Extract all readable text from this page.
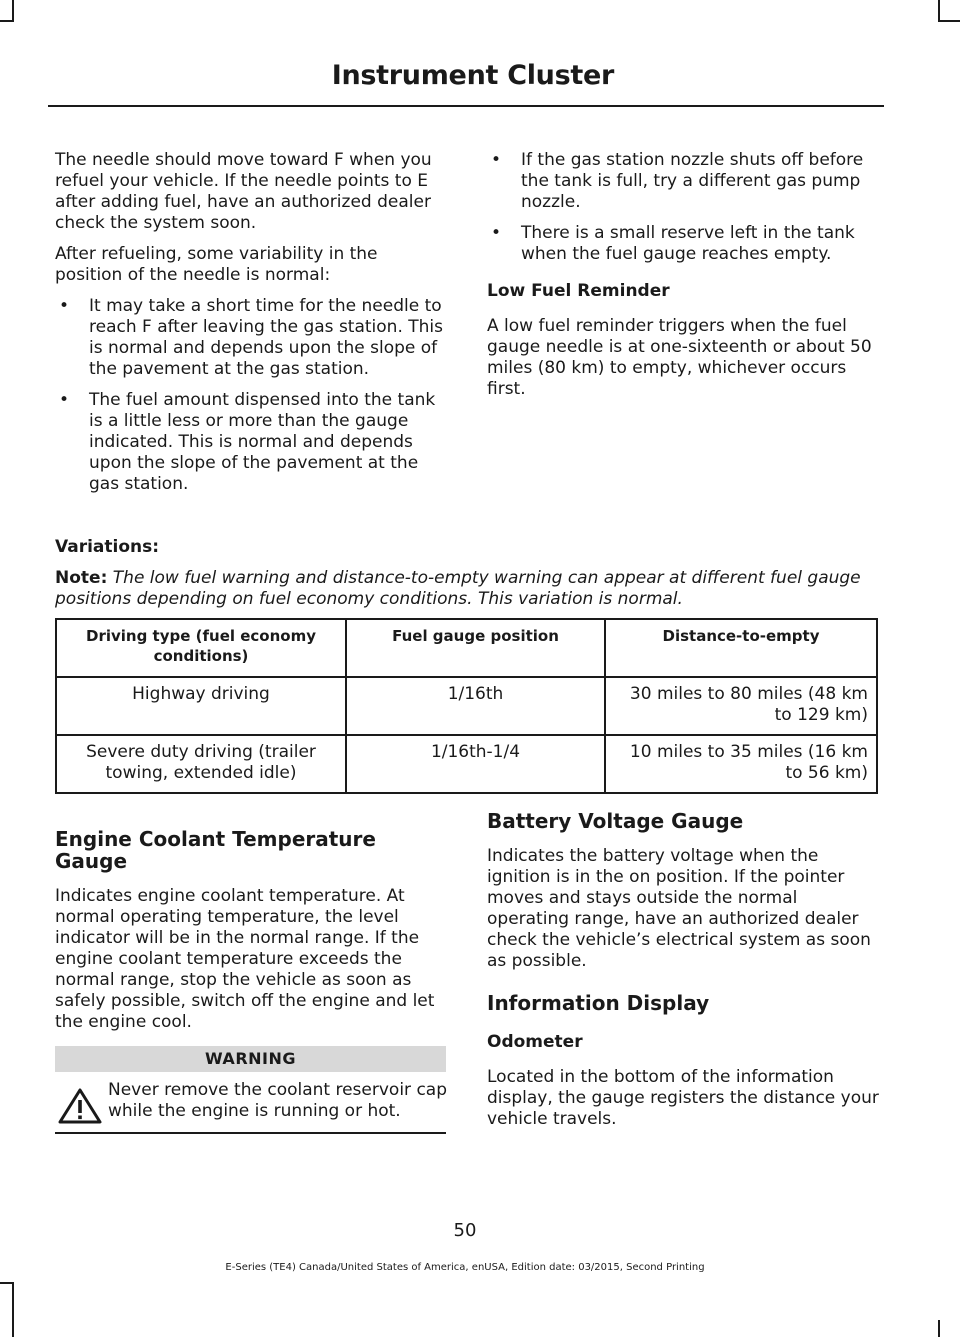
Instrument Cluster

The needle should move toward F when you refuel your vehicle. If the needle points to E after adding fuel, have an authorized dealer check the system soon.

After refueling, some variability in the position of the needle is normal:

• It may take a short time for the needle to reach F after leaving the gas station. This is normal and depends upon the slope of the pavement at the gas station.
• The fuel amount dispensed into the tank is a little less or more than the gauge indicated. This is normal and depends upon the slope of the pavement at the gas station.
• If the gas station nozzle shuts off before the tank is full, try a different gas pump nozzle.
• There is a small reserve left in the tank when the fuel gauge reaches empty.
Low Fuel Reminder

A low fuel reminder triggers when the fuel gauge needle is at one-sixteenth or about 50 miles (80 km) to empty, whichever occurs first.

Variations:
Note: The low fuel warning and distance-to-empty warning can appear at different fuel gauge positions depending on fuel economy conditions. This variation is normal.
Driving type (fuel economy conditions)	Fuel gauge position	Distance-to-empty
Highway driving	1/16th	30 miles to 80 miles (48 km to 129 km)
Severe duty driving (trailer towing, extended idle)	1/16th-1/4	10 miles to 35 miles (16 km to 56 km)
Engine Coolant Temperature Gauge

Indicates engine coolant temperature. At normal operating temperature, the level indicator will be in the normal range. If the engine coolant temperature exceeds the normal range, stop the vehicle as soon as safely possible, switch off the engine and let the engine cool.

WARNING
Never remove the coolant reservoir cap while the engine is running or hot.
Battery Voltage Gauge

Indicates the battery voltage when the ignition is in the on position. If the pointer moves and stays outside the normal operating range, have an authorized dealer check the vehicle’s electrical system as soon as possible.

Information Display
Odometer

Located in the bottom of the information display, the gauge registers the distance your vehicle travels.

50
E-Series (TE4) Canada/United States of America, enUSA, Edition date: 03/2015, Second Printing
